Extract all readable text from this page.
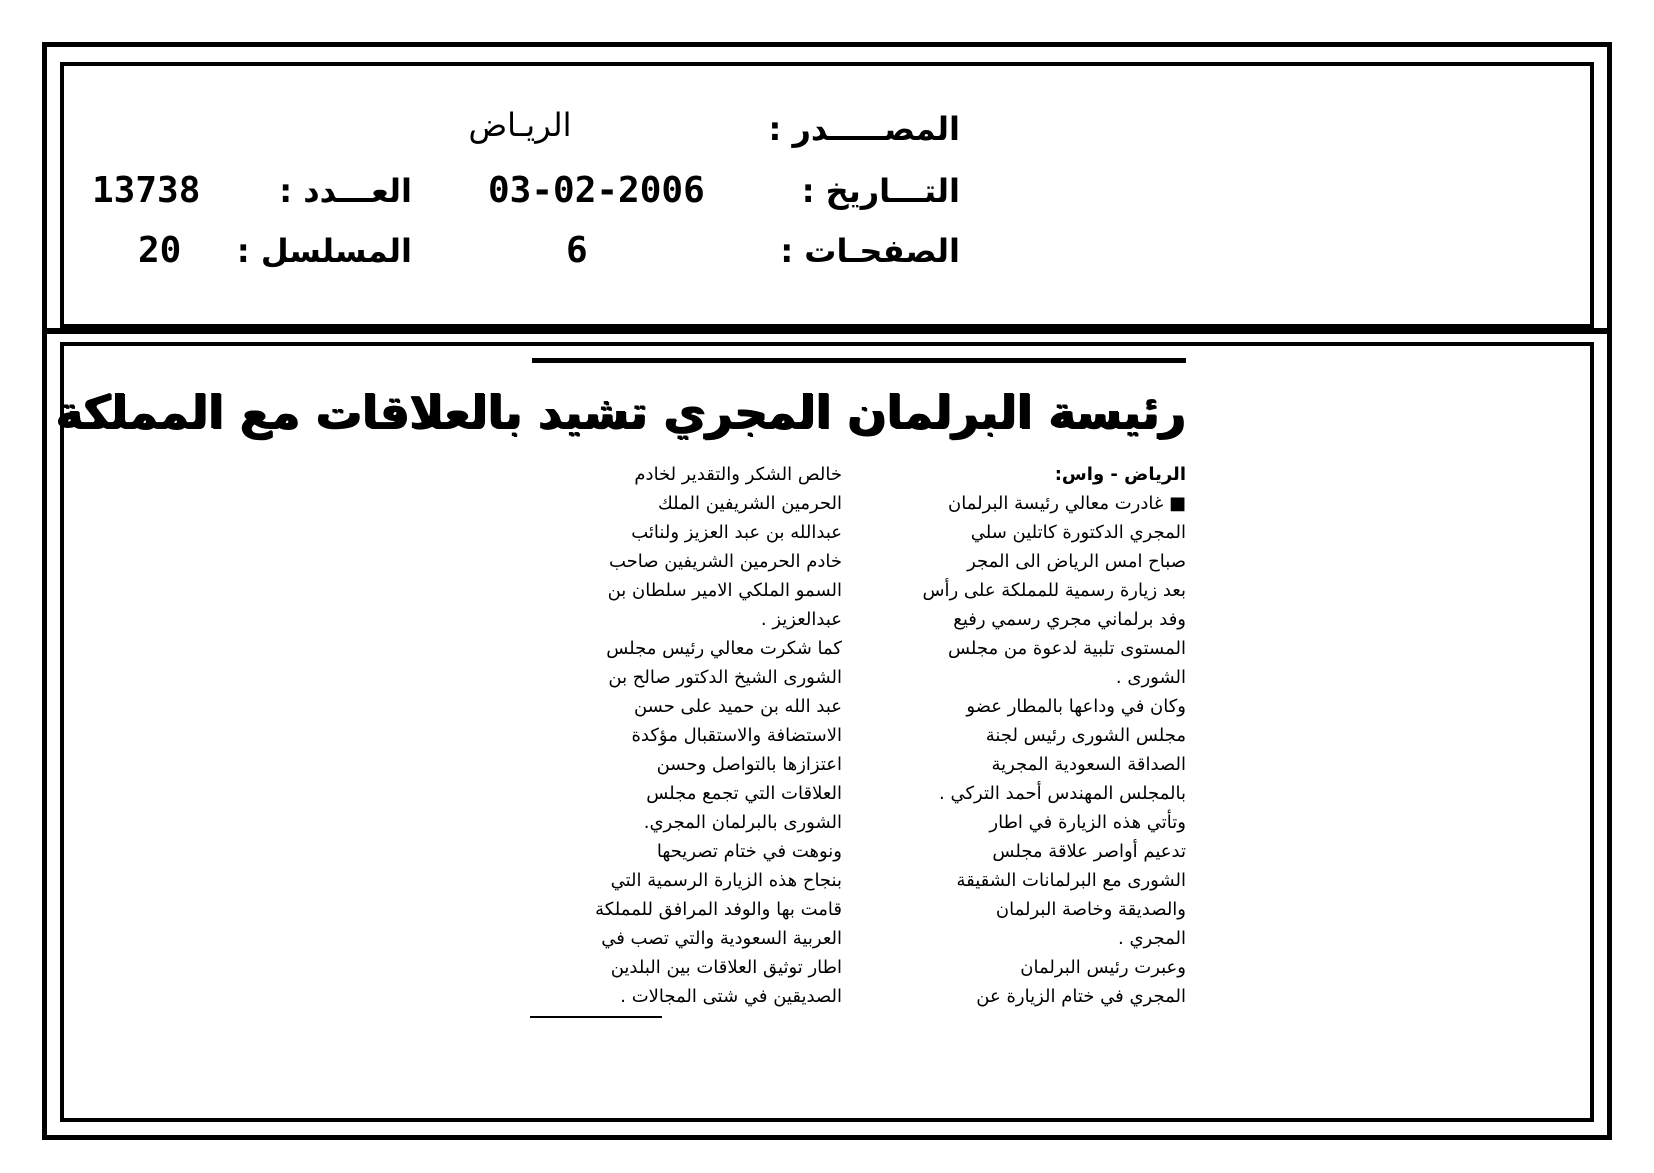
المصـــــدر :
الريـاض
التـــاريخ :
03-02-2006
العـــدد :
13738
الصفحـات :
6
المسلسل :
20
رئيسة البرلمان المجري تشيد بالعلاقات مع المملكة
الرياض - واس:
■ غادرت معالي رئيسة البرلمان
المجري الدكتورة كاتلين سلي
صباح امس الرياض الى المجر
بعد زيارة رسمية للمملكة على رأس
وفد برلماني مجري رسمي رفيع
المستوى تلبية لدعوة من مجلس
الشورى .
وكان في وداعها بالمطار عضو
مجلس الشورى رئيس لجنة
الصداقة السعودية المجرية
بالمجلس المهندس أحمد التركي .
وتأتي هذه الزيارة في اطار
تدعيم أواصر علاقة مجلس
الشورى مع البرلمانات الشقيقة
والصديقة وخاصة البرلمان
المجري .
وعبرت رئيس البرلمان
المجري في ختام الزيارة عن
خالص الشكر والتقدير لخادم
الحرمين الشريفين الملك
عبدالله بن عبد العزيز ولنائب
خادم الحرمين الشريفين صاحب
السمو الملكي الامير سلطان بن
عبدالعزيز .
كما شكرت معالي رئيس مجلس
الشورى الشيخ الدكتور صالح بن
عبد الله بن حميد على حسن
الاستضافة والاستقبال مؤكدة
اعتزازها بالتواصل وحسن
العلاقات التي تجمع مجلس
الشورى بالبرلمان المجري.
ونوهت في ختام تصريحها
بنجاح هذه الزيارة الرسمية التي
قامت بها والوفد المرافق للمملكة
العربية السعودية والتي تصب في
اطار توثيق العلاقات بين البلدين
الصديقين في شتى المجالات .
